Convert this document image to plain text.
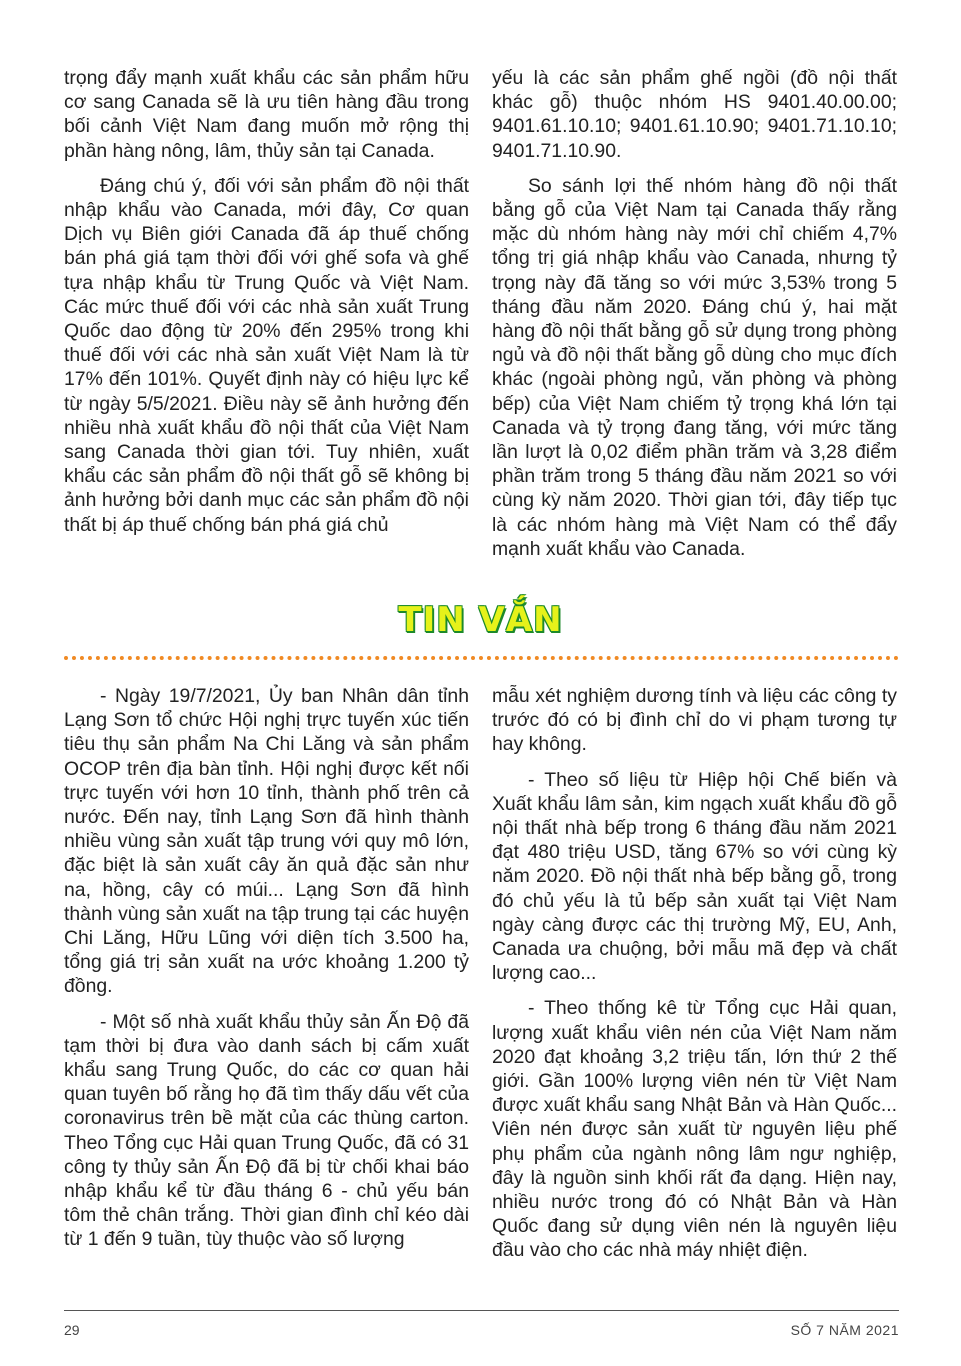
trọng đẩy mạnh xuất khẩu các sản phẩm hữu cơ sang Canada sẽ là ưu tiên hàng đầu trong bối cảnh Việt Nam đang muốn mở rộng thị phần hàng nông, lâm, thủy sản tại Canada.

Đáng chú ý, đối với sản phẩm đồ nội thất nhập khẩu vào Canada, mới đây, Cơ quan Dịch vụ Biên giới Canada đã áp thuế chống bán phá giá tạm thời đối với ghế sofa và ghế tựa nhập khẩu từ Trung Quốc và Việt Nam. Các mức thuế đối với các nhà sản xuất Trung Quốc dao động từ 20% đến 295% trong khi thuế đối với các nhà sản xuất Việt Nam là từ 17% đến 101%. Quyết định này có hiệu lực kể từ ngày 5/5/2021. Điều này sẽ ảnh hưởng đến nhiều nhà xuất khẩu đồ nội thất của Việt Nam sang Canada thời gian tới. Tuy nhiên, xuất khẩu các sản phẩm đồ nội thất gỗ sẽ không bị ảnh hưởng bởi danh mục các sản phẩm đồ nội thất bị áp thuế chống bán phá giá chủ

yếu là các sản phẩm ghế ngồi (đồ nội thất khác gỗ) thuộc nhóm HS 9401.40.00.00; 9401.61.10.10; 9401.61.10.90; 9401.71.10.10; 9401.71.10.90.

So sánh lợi thế nhóm hàng đồ nội thất bằng gỗ của Việt Nam tại Canada thấy rằng mặc dù nhóm hàng này mới chỉ chiếm 4,7% tổng trị giá nhập khẩu vào Canada, nhưng tỷ trọng này đã tăng so với mức 3,53% trong 5 tháng đầu năm 2020. Đáng chú ý, hai mặt hàng đồ nội thất bằng gỗ sử dụng trong phòng ngủ và đồ nội thất bằng gỗ dùng cho mục đích khác (ngoài phòng ngủ, văn phòng và phòng bếp) của Việt Nam chiếm tỷ trọng khá lớn tại Canada và tỷ trọng đang tăng, với mức tăng lần lượt là 0,02 điểm phần trăm và 3,28 điểm phần trăm trong 5 tháng đầu năm 2021 so với cùng kỳ năm 2020. Thời gian tới, đây tiếp tục là các nhóm hàng mà Việt Nam có thể đẩy mạnh xuất khẩu vào Canada.

TIN VẮN

- Ngày 19/7/2021, Ủy ban Nhân dân tỉnh Lạng Sơn tổ chức Hội nghị trực tuyến xúc tiến tiêu thụ sản phẩm Na Chi Lăng và sản phẩm OCOP trên địa bàn tỉnh. Hội nghị được kết nối trực tuyến với hơn 10 tỉnh, thành phố trên cả nước. Đến nay, tỉnh Lạng Sơn đã hình thành nhiều vùng sản xuất tập trung với quy mô lớn, đặc biệt là sản xuất cây ăn quả đặc sản như na, hồng, cây có múi... Lạng Sơn đã hình thành vùng sản xuất na tập trung tại các huyện Chi Lăng, Hữu Lũng với diện tích 3.500 ha, tổng giá trị sản xuất na ước khoảng 1.200 tỷ đồng.

- Một số nhà xuất khẩu thủy sản Ấn Độ đã tạm thời bị đưa vào danh sách bị cấm xuất khẩu sang Trung Quốc, do các cơ quan hải quan tuyên bố rằng họ đã tìm thấy dấu vết của coronavirus trên bề mặt của các thùng carton. Theo Tổng cục Hải quan Trung Quốc, đã có 31 công ty thủy sản Ấn Độ đã bị từ chối khai báo nhập khẩu kể từ đầu tháng 6 - chủ yếu bán tôm thẻ chân trắng. Thời gian đình chỉ kéo dài từ 1 đến 9 tuần, tùy thuộc vào số lượng

mẫu xét nghiệm dương tính và liệu các công ty trước đó có bị đình chỉ do vi phạm tương tự hay không.

- Theo số liệu từ Hiệp hội Chế biến và Xuất khẩu lâm sản, kim ngạch xuất khẩu đồ gỗ nội thất nhà bếp trong 6 tháng đầu năm 2021 đạt 480 triệu USD, tăng 67% so với cùng kỳ năm 2020. Đồ nội thất nhà bếp bằng gỗ, trong đó chủ yếu là tủ bếp sản xuất tại Việt Nam ngày càng được các thị trường Mỹ, EU, Anh, Canada ưa chuộng, bởi mẫu mã đẹp và chất lượng cao...

- Theo thống kê từ Tổng cục Hải quan, lượng xuất khẩu viên nén của Việt Nam năm 2020 đạt khoảng 3,2 triệu tấn, lớn thứ 2 thế giới. Gần 100% lượng viên nén từ Việt Nam được xuất khẩu sang Nhật Bản và Hàn Quốc... Viên nén được sản xuất từ nguyên liệu phế phụ phẩm của ngành nông lâm ngư nghiệp, đây là nguồn sinh khối rất đa dạng. Hiện nay, nhiều nước trong đó có Nhật Bản và Hàn Quốc đang sử dụng viên nén là nguyên liệu đầu vào cho các nhà máy nhiệt điện.

29	SỐ 7 NĂM 2021
